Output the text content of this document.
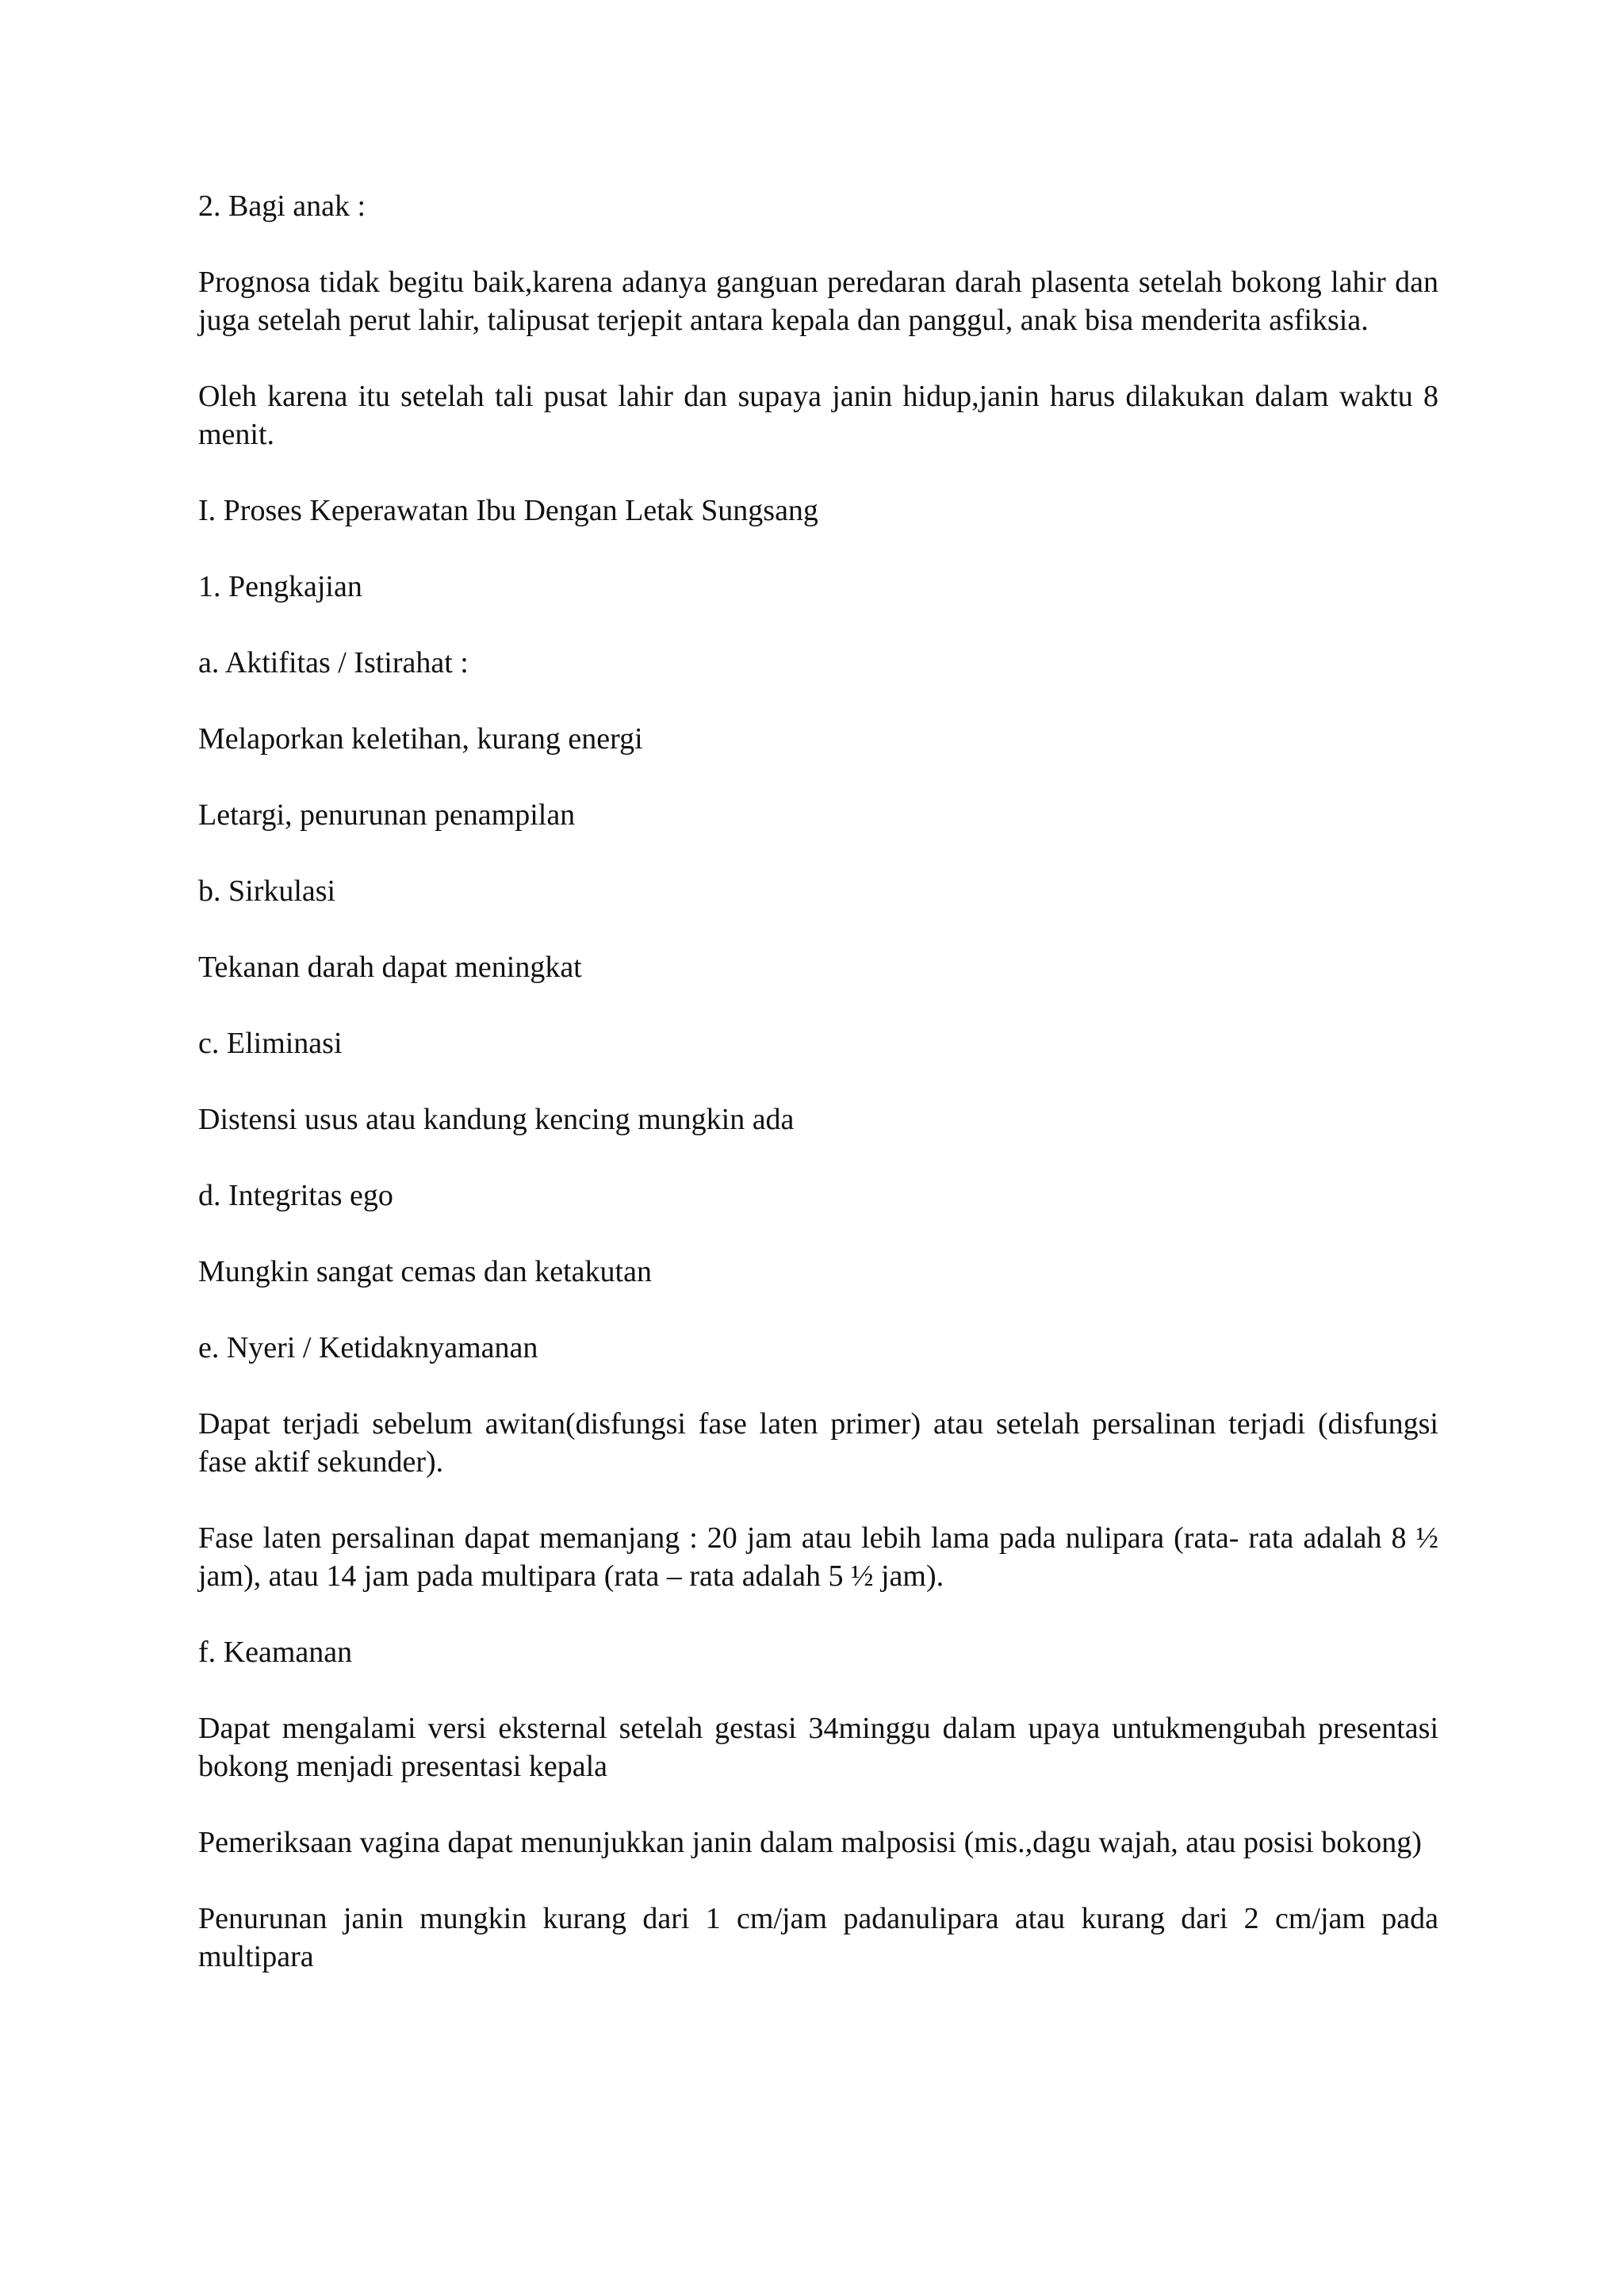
2. Bagi anak :

Prognosa tidak begitu baik,karena adanya ganguan peredaran darah plasenta setelah bokong lahir dan juga setelah perut lahir, talipusat terjepit antara kepala dan panggul, anak bisa menderita asfiksia.

Oleh karena itu setelah tali pusat lahir dan supaya janin hidup,janin harus dilakukan dalam waktu 8 menit.

I. Proses Keperawatan Ibu Dengan Letak Sungsang

1. Pengkajian

a. Aktifitas / Istirahat :

Melaporkan keletihan, kurang energi

Letargi, penurunan penampilan

b. Sirkulasi

Tekanan darah dapat meningkat

c. Eliminasi

Distensi usus atau kandung kencing mungkin ada

d. Integritas ego

Mungkin sangat cemas dan ketakutan

e. Nyeri / Ketidaknyamanan

Dapat terjadi sebelum awitan(disfungsi fase laten primer) atau setelah persalinan terjadi (disfungsi fase aktif sekunder).

Fase laten persalinan dapat memanjang : 20 jam atau lebih lama pada nulipara (rata- rata adalah 8 ½ jam), atau 14 jam pada multipara (rata – rata adalah 5 ½ jam).

f. Keamanan

Dapat mengalami versi eksternal setelah gestasi 34minggu dalam upaya untukmengubah presentasi bokong menjadi presentasi kepala

Pemeriksaan vagina dapat menunjukkan janin dalam malposisi (mis.,dagu wajah, atau posisi bokong)

Penurunan janin mungkin kurang dari 1 cm/jam padanulipara atau kurang dari 2 cm/jam pada multipara
